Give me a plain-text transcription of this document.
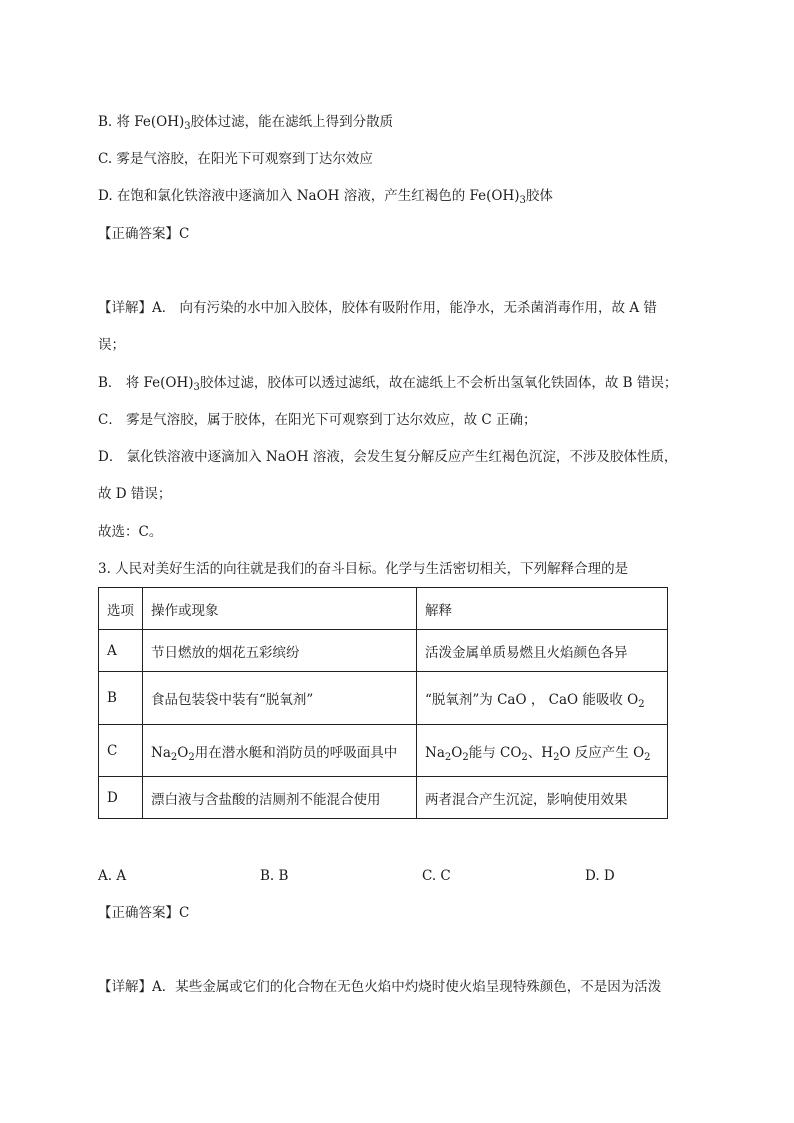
B. 将 $Fe(OH)_3$胶体过滤，能在滤纸上得到分散质
C. 雾是气溶胶，在阳光下可观察到丁达尔效应
D. 在饱和氯化铁溶液中逐滴加入 NaOH 溶液，产生红褐色的 $Fe(OH)_3$胶体
【正确答案】C
【详解】A． 向有污染的水中加入胶体，胶体有吸附作用，能净水，无杀菌消毒作用，故 A 错
误；
B． 将 $Fe(OH)_3$胶体过滤，胶体可以透过滤纸，故在滤纸上不会析出氢氧化铁固体，故 B 错误；
C． 雾是气溶胶，属于胶体，在阳光下可观察到丁达尔效应，故 C 正确；
D． 氯化铁溶液中逐滴加入 NaOH 溶液，会发生复分解反应产生红褐色沉淀，不涉及胶体性质，
故 D 错误；
故选：C。
3. 人民对美好生活的向往就是我们的奋斗目标。化学与生活密切相关，下列解释合理的是
选项	操作或现象	解释
A	节日燃放的烟花五彩缤纷	活泼金属单质易燃且火焰颜色各异
B	食品包装袋中装有“脱氧剂”	“脱氧剂”为 CaO ， CaO 能吸收 $O_2$
C	$Na_2O_2$用在潜水艇和消防员的呼吸面具中	$Na_2O_2$能与 $CO_2$、$H_2O$ 反应产生 $O_2$
D	漂白液与含盐酸的洁厕剂不能混合使用	两者混合产生沉淀，影响使用效果
A. A	B. B	C. C	D. D
【正确答案】C
【详解】A．某些金属或它们的化合物在无色火焰中灼烧时使火焰呈现特殊颜色，不是因为活泼
